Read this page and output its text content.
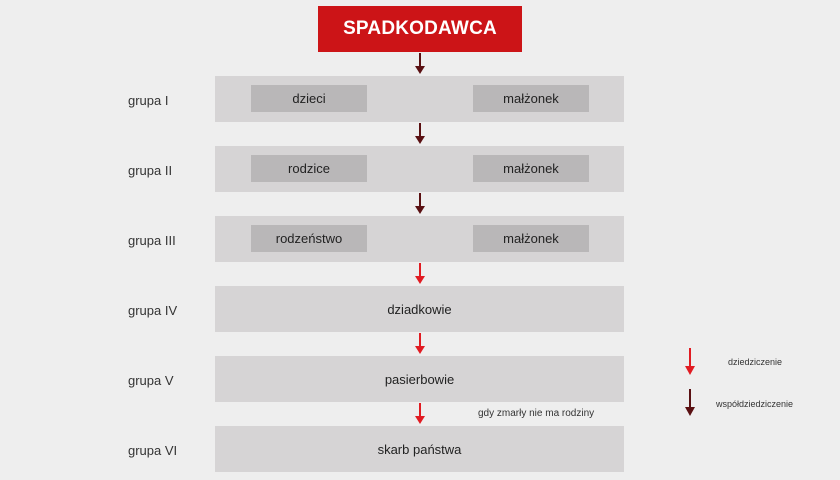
SPADKODAWCA
grupa I	dzieci	małżonek
grupa II	rodzice	małżonek
grupa III	rodzeństwo	małżonek
grupa IV	dziadkowie
grupa V	pasierbowie
gdy zmarły nie ma rodziny
grupa VI	skarb państwa
dziedziczenie
współdziedziczenie
